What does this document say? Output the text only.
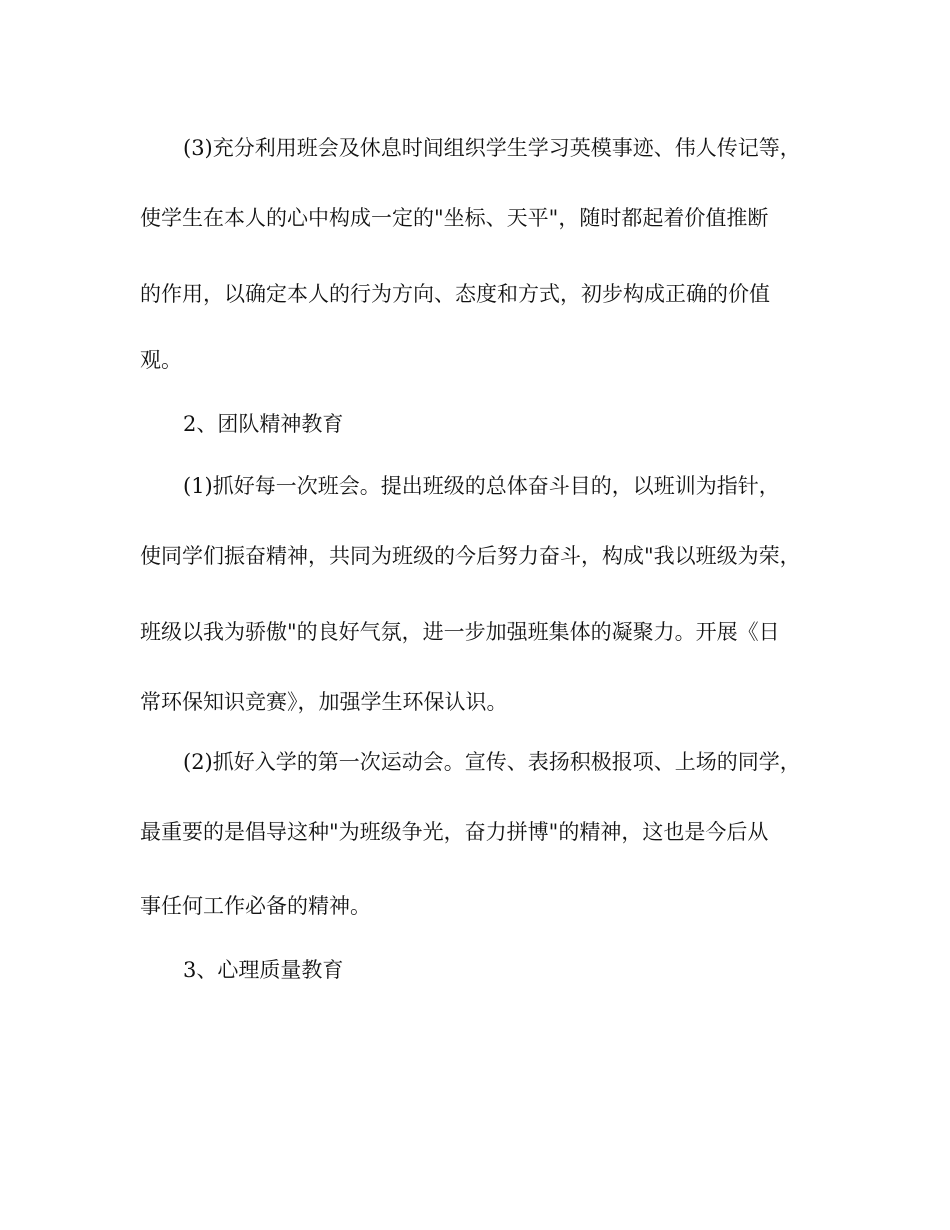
(3)充分利用班会及休息时间组织学生学习英模事迹、伟人传记等，

使学生在本人的心中构成一定的"坐标、天平"，随时都起着价值推断

的作用，以确定本人的行为方向、态度和方式，初步构成正确的价值

观。

2、团队精神教育

(1)抓好每一次班会。提出班级的总体奋斗目的，以班训为指针，

使同学们振奋精神，共同为班级的今后努力奋斗，构成"我以班级为荣，

班级以我为骄傲"的良好气氛，进一步加强班集体的凝聚力。开展《日

常环保知识竞赛》，加强学生环保认识。

(2)抓好入学的第一次运动会。宣传、表扬积极报项、上场的同学，

最重要的是倡导这种"为班级争光，奋力拼博"的精神，这也是今后从

事任何工作必备的精神。

3、心理质量教育
